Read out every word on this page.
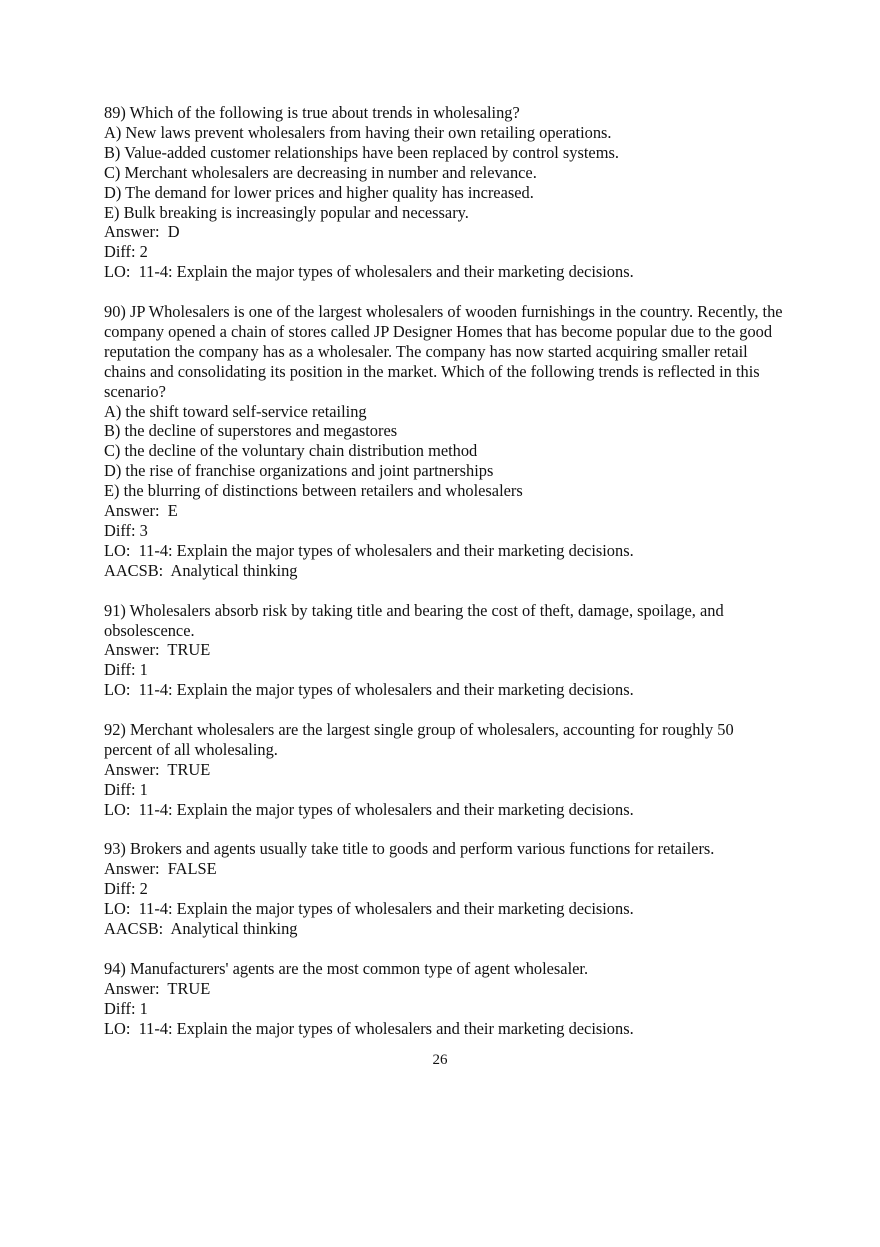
89) Which of the following is true about trends in wholesaling?

A) New laws prevent wholesalers from having their own retailing operations.

B) Value-added customer relationships have been replaced by control systems.

C) Merchant wholesalers are decreasing in number and relevance.

D) The demand for lower prices and higher quality has increased.

E) Bulk breaking is increasingly popular and necessary.

Answer:  D

Diff: 2

LO:  11-4: Explain the major types of wholesalers and their marketing decisions.

90) JP Wholesalers is one of the largest wholesalers of wooden furnishings in the country. Recently, the company opened a chain of stores called JP Designer Homes that has become popular due to the good reputation the company has as a wholesaler. The company has now started acquiring smaller retail chains and consolidating its position in the market. Which of the following trends is reflected in this scenario?

A) the shift toward self-service retailing

B) the decline of superstores and megastores

C) the decline of the voluntary chain distribution method

D) the rise of franchise organizations and joint partnerships

E) the blurring of distinctions between retailers and wholesalers

Answer:  E

Diff: 3

LO:  11-4: Explain the major types of wholesalers and their marketing decisions.

AACSB:  Analytical thinking

91) Wholesalers absorb risk by taking title and bearing the cost of theft, damage, spoilage, and obsolescence.

Answer:  TRUE

Diff: 1

LO:  11-4: Explain the major types of wholesalers and their marketing decisions.

92) Merchant wholesalers are the largest single group of wholesalers, accounting for roughly 50 percent of all wholesaling.

Answer:  TRUE

Diff: 1

LO:  11-4: Explain the major types of wholesalers and their marketing decisions.

93) Brokers and agents usually take title to goods and perform various functions for retailers.

Answer:  FALSE

Diff: 2

LO:  11-4: Explain the major types of wholesalers and their marketing decisions.

AACSB:  Analytical thinking

94) Manufacturers' agents are the most common type of agent wholesaler.

Answer:  TRUE

Diff: 1

LO:  11-4: Explain the major types of wholesalers and their marketing decisions.

26
